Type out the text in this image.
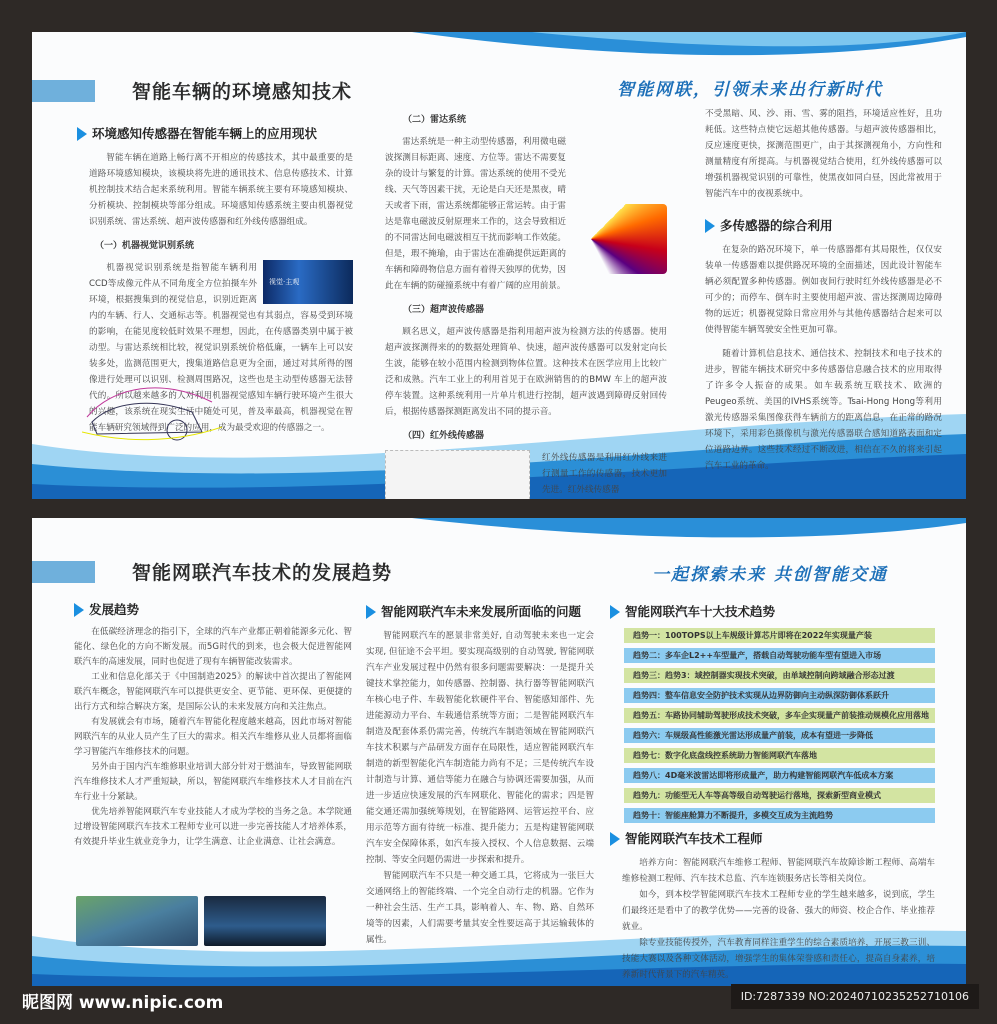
智能车辆的环境感知技术	智能网联，引领未来出行新时代
环境感知传感器在智能车辆上的应用现状

智能车辆在道路上畅行离不开相应的传感技术，其中最重要的是道路环境感知模块，该模块将先进的通讯技术、信息传感技术、计算机控制技术结合起来系统利用。智能车辆系统主要有环境感知模块、分析模块、控制模块等部分组成。环境感知传感系统主要由机器视觉识别系统、雷达系统、超声波传感器和红外线传感器组成。

（一）机器视觉识别系统
视觉·主观

机器视觉识别系统是指智能车辆利用CCD等成像元件从不同角度全方位拍摄车外环境，根据搜集到的视觉信息，识别近距离内的车辆、行人、交通标志等。机器视觉也有其弱点，容易受到环境的影响，在能见度较低时效果不理想，因此，在传感器类别中属于被动型。与雷达系统相比较，视觉识别系统价格低廉，一辆车上可以安装多处，监测范围更大，搜集道路信息更为全面，通过对其所得的图像进行处理可以识别、检测周围路况，这些也是主动型传感器无法替代的。所以越来越多的人对利用机器视觉感知车辆行驶环境产生很大的兴趣，该系统在现实生活中随处可见，普及率最高，机器视觉在智能车辆研究领域得到广泛的应用，成为最受欢迎的传感器之一。

（二）雷达系统

雷达系统是一种主动型传感器，利用微电磁波探测目标距离、速度、方位等。雷达不需要复杂的设计与繁复的计算。雷达系统的使用不受光线、天气等因素干扰，无论是白天还是黑夜，晴天或者下雨，雷达系统都能够正常运转。由于雷达是靠电磁波反射原理来工作的，这会导致相近的不同雷达间电磁波相互干扰而影响工作效能。但是，瑕不掩瑜，由于雷达在准确提供远距离的车辆和障碍物信息方面有着得天独厚的优势，因此在车辆的防碰撞系统中有着广阔的应用前景。

（三）超声波传感器

顾名思义，超声波传感器是指利用超声波为检测方法的传感器。使用超声波探测得来的的数据处理简单、快速，超声波传感器可以发射定向长生波，能够在较小范围内检测到物体位置。这种技术在医学应用上比较广泛和成熟。汽车工业上的利用首见于在欧洲销售的的BMW 车上的超声波停车装置。这种系统利用一片单片机进行控制，超声波遇到障碍反射回传后，根据传感器探测距离发出不同的提示音。

（四）红外线传感器

红外线传感器是利用红外线来进行测量工作的传感器，技术更加先进。红外线传感器

不受黑暗、风、沙、雨、雪、雾的阻挡，环境适应性好，且功耗低。这些特点使它远超其他传感器。与超声波传感器相比，反应速度更快，探测范围更广，由于其探测视角小，方向性和测量精度有所提高。与机器视觉结合使用，红外线传感器可以增强机器视觉识别的可靠性，使黑夜如同白昼，因此常被用于智能汽车中的夜视系统中。

多传感器的综合利用

在复杂的路况环境下，单一传感器都有其局限性，仅仅安装单一传感器难以提供路况环境的全面描述，因此设计智能车辆必须配置多种传感器。例如夜间行驶时红外线传感器是必不可少的；而停车、倒车时主要使用超声波、雷达探测周边障碍物的远近；机器视觉除日常应用外与其他传感器结合起来可以使得智能车辆驾驶安全性更加可靠。

随着计算机信息技术、通信技术、控制技术和电子技术的进步，智能车辆技术研究中多传感器信息融合技术的应用取得了许多令人振奋的成果。如车载系统互联技术、欧洲的Peugeo系统、美国的IVHS系统等。Tsai-Hong Hong等利用激光传感器采集图像获得车辆前方的距离信息，在正常的路况环境下，采用彩色摄像机与激光传感器联合感知道路表面和定位道路边界。这些技术经过不断改进，相信在不久的将来引起汽车工业的革命。

智能网联汽车技术的发展趋势	一起探索未来 共创智能交通
发展趋势

在低碳经济理念的指引下，全球的汽车产业都正朝着能源多元化、智能化、绿色化的方向不断发展。而5G时代的到来，也会极大促进智能网联汽车的高速发展，同时也促进了现有车辆智能改装需求。

工业和信息化部关于《中国制造2025》的解读中首次提出了智能网联汽车概念，智能网联汽车可以提供更安全、更节能、更环保、更便捷的出行方式和综合解决方案，是国际公认的未来发展方向和关注焦点。

有发展就会有市场，随着汽车智能化程度越来越高，因此市场对智能网联汽车的从业人员产生了巨大的需求。相关汽车维修从业人员都将面临学习智能汽车维修技术的问题。

另外由于国内汽车维修职业培训大部分针对于燃油车，导致智能网联汽车维修技术人才严重短缺，所以，智能网联汽车维修技术人才目前在汽车行业十分紧缺。

优先培养智能网联汽车专业技能人才成为学校的当务之急。本学院通过增设智能网联汽车技术工程师专业可以进一步完善技能人才培养体系，有效提升毕业生就业竞争力，让学生满意、让企业满意、让社会满意。

智能网联汽车未来发展所面临的问题

智能网联汽车的愿景非常美好, 自动驾驶未来也一定会实现, 但征途不会平坦。要实现高级别的自动驾驶, 智能网联汽车产业发展过程中仍然有很多问题需要解决：一是提升关键技术掌控能力，如传感器、控制器、执行器等智能网联汽车核心电子件、车载智能化软硬件平台、智能感知部件、先进能源动力平台、车载通信系统等方面；二是智能网联汽车制造及配套体系仍需完善，传统汽车制造领域在智能网联汽车技术积累与产品研发方面存在局限性，适应智能网联汽车制造的新型智能化汽车制造能力尚有不足；三是传统汽车设计制造与计算、通信等能力在融合与协调还需要加强，从而进一步适应快速发展的汽车网联化、智能化的需求；四是智能交通还需加强统筹规划，在智能路网、运管运控平台、应用示范等方面有待统一标准、提升能力；五是构建智能网联汽车安全保障体系，如汽车接入授权、个人信息数据、云端控制、等安全问题仍需进一步探索和提升。

智能网联汽车不只是一种交通工具，它将成为一张巨大交通网络上的智能终端、一个完全自动行走的机器。它作为一种社会生活、生产工具，影响着人、车、物、路、自然环境等的因素，人们需要考量其安全性要远高于其运输载体的属性。

智能网联汽车十大技术趋势
趋势一：100TOPS以上车规级计算芯片即将在2022年实现量产装
趋势二：多车企L2++车型量产，搭载自动驾驶功能车型有望进入市场
趋势三：趋势3：域控制器实现技术突破，由单域控制向跨域融合形态过渡
趋势四：整车信息安全防护技术实现从边界防御向主动纵深防御体系跃升
趋势五：车路协同辅助驾驶形成技术突破，多车企实现量产前装推动规模化应用落地
趋势六：车规级高性能激光雷达形成量产前装，成本有望进一步降低
趋势七：数字化底盘线控系统助力智能网联汽车落地
趋势八：4D毫米波雷达即将形成量产，助力构建智能网联汽车低成本方案
趋势九：功能型无人车等高等级自动驾驶运行落地，探索新型商业模式
趋势十：智能座舱算力不断提升，多模交互成为主流趋势
智能网联汽车技术工程师

培养方向：智能网联汽车维修工程师、智能网联汽车故障诊断工程师、高端车维修检测工程师、汽车技术总监、汽车连锁服务店长等相关岗位。

如今，到本校学智能网联汽车技术工程师专业的学生越来越多，说到底，学生们最终还是看中了的教学优势——完善的设备、强大的师资、校企合作、毕业推荐就业。

除专业技能传授外，汽车教育同样注重学生的综合素质培养，开展三教三训、技能大赛以及各种文体活动，增强学生的集体荣誉感和责任心，提高自身素养，培养新时代背景下的汽车精英。

昵图网 www.nipic.com	ID:7287339 NO:20240710235252710106
